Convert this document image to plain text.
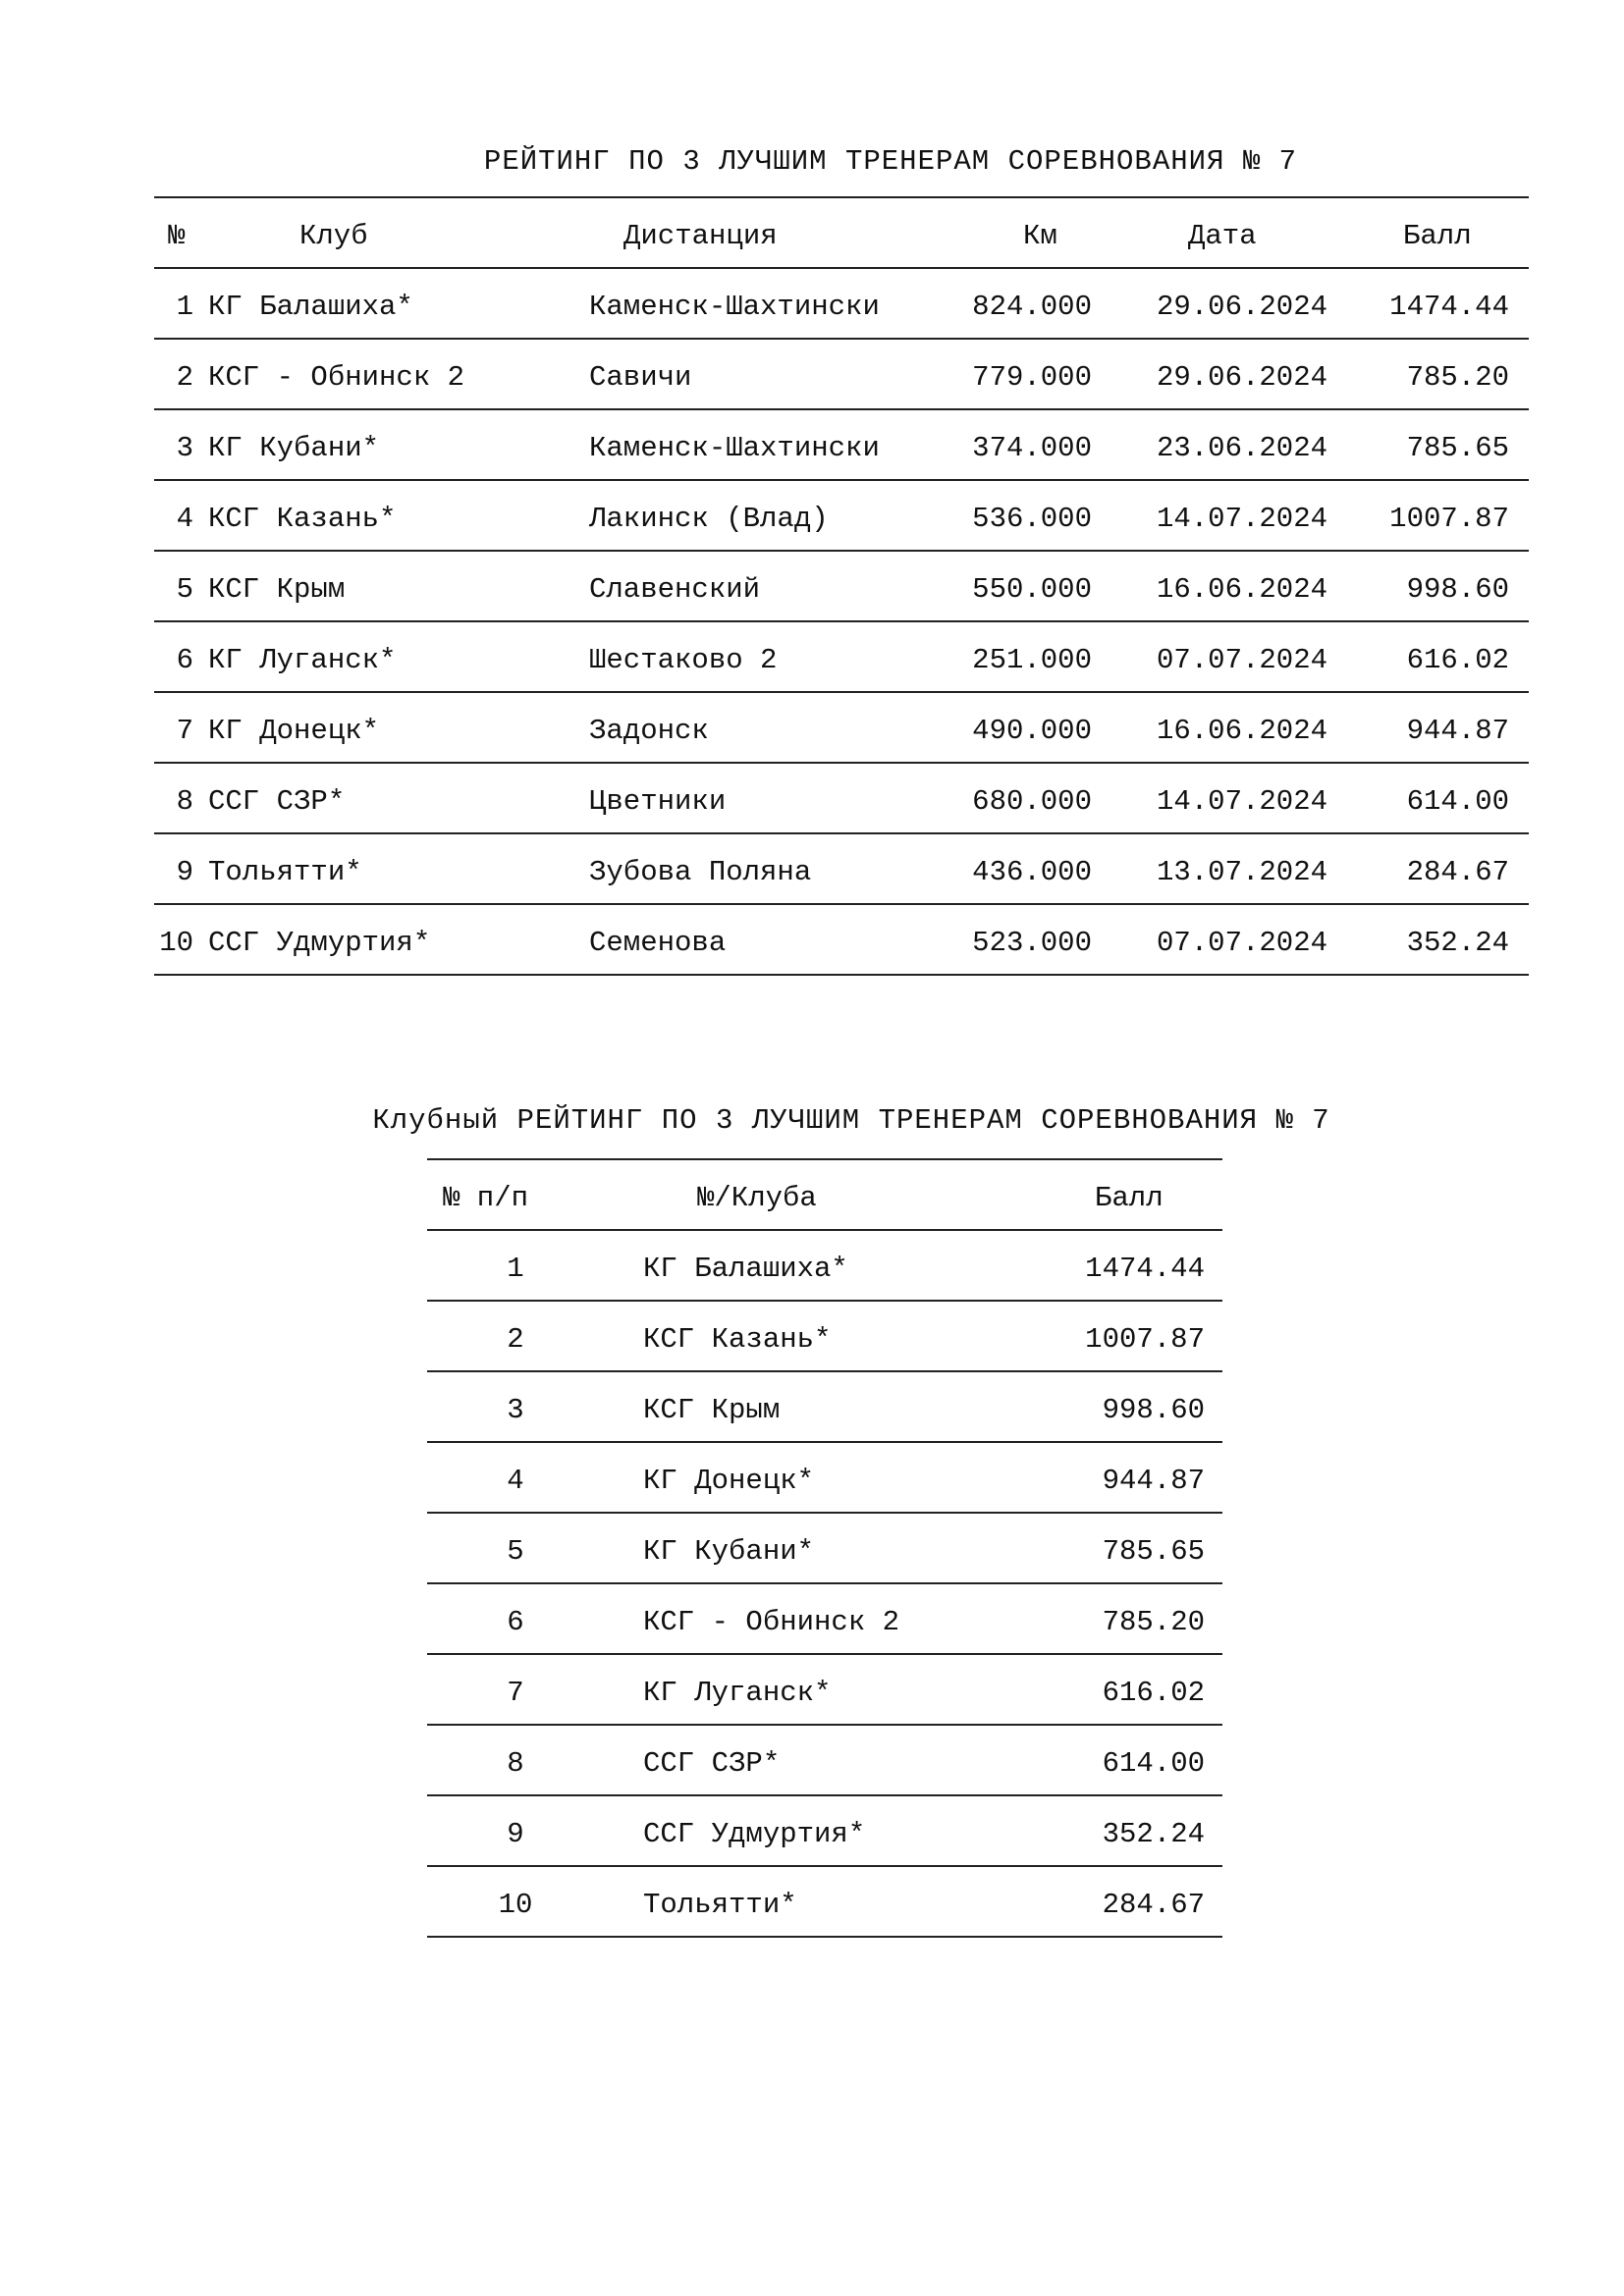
РЕЙТИНГ ПО 3 ЛУЧШИМ ТРЕНЕРАМ СОРЕВНОВАНИЯ № 7
№	Клуб	Дистанция	Км	Дата	Балл
1 КГ Балашиха*	Каменск-Шахтински	824.000	29.06.2024	1474.44
2 КСГ - Обнинск 2	Савичи	779.000	29.06.2024	785.20
3 КГ Кубани*	Каменск-Шахтински	374.000	23.06.2024	785.65
4 КСГ Казань*	Лакинск (Влад)	536.000	14.07.2024	1007.87
5 КСГ Крым	Славенский	550.000	16.06.2024	998.60
6 КГ Луганск*	Шестаково 2	251.000	07.07.2024	616.02
7 КГ Донецк*	Задонск	490.000	16.06.2024	944.87
8 ССГ СЗР*	Цветники	680.000	14.07.2024	614.00
9 Тольятти*	Зубова Поляна	436.000	13.07.2024	284.67
10 ССГ Удмуртия*	Семенова	523.000	07.07.2024	352.24
Клубный РЕЙТИНГ ПО 3 ЛУЧШИМ ТРЕНЕРАМ СОРЕВНОВАНИЯ № 7
№ п/п	№/Клуба	Балл
1	КГ Балашиха*	1474.44
2	КСГ Казань*	1007.87
3	КСГ Крым	998.60
4	КГ Донецк*	944.87
5	КГ Кубани*	785.65
6	КСГ - Обнинск 2	785.20
7	КГ Луганск*	616.02
8	ССГ СЗР*	614.00
9	ССГ Удмуртия*	352.24
10	Тольятти*	284.67
